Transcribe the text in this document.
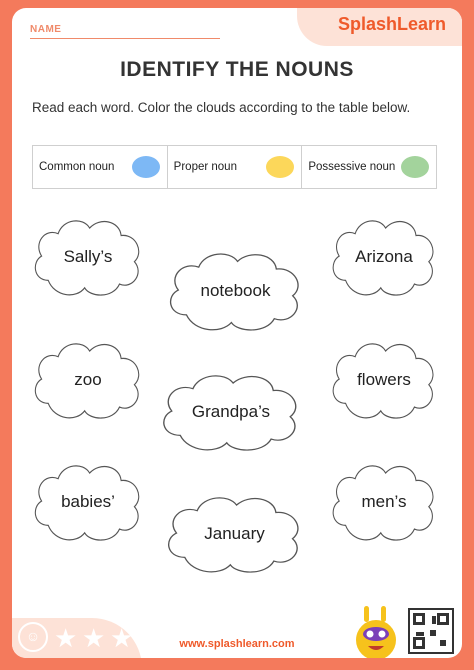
NAME	SplashLearn
IDENTIFY THE NOUNS
Read each word. Color the clouds according to the table below.
Common noun	Proper noun	Possessive noun
Sally’s
notebook
Arizona
zoo
Grandpa’s
flowers
babies’
January
men’s
☺ ★ ★ ★	www.splashlearn.com
